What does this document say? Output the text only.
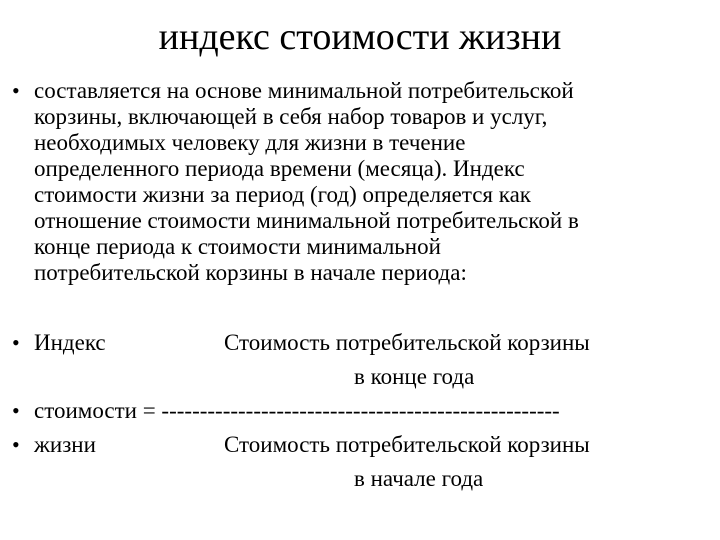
индекс стоимости жизни
• составляется на основе минимальной потребительской
корзины, включающей в себя набор товаров и услуг,
необходимых человеку для жизни в течение
определенного периода времени (месяца). Индекс
стоимости жизни за период (год) определяется как
отношение стоимости минимальной потребительской в
конце периода к стоимости минимальной
потребительской корзины в начале периода:
• Индекс	Стоимость потребительской корзины
в конце года
• стоимости = ----------------------------------------------------
• жизни	Стоимость потребительской корзины
в начале года
